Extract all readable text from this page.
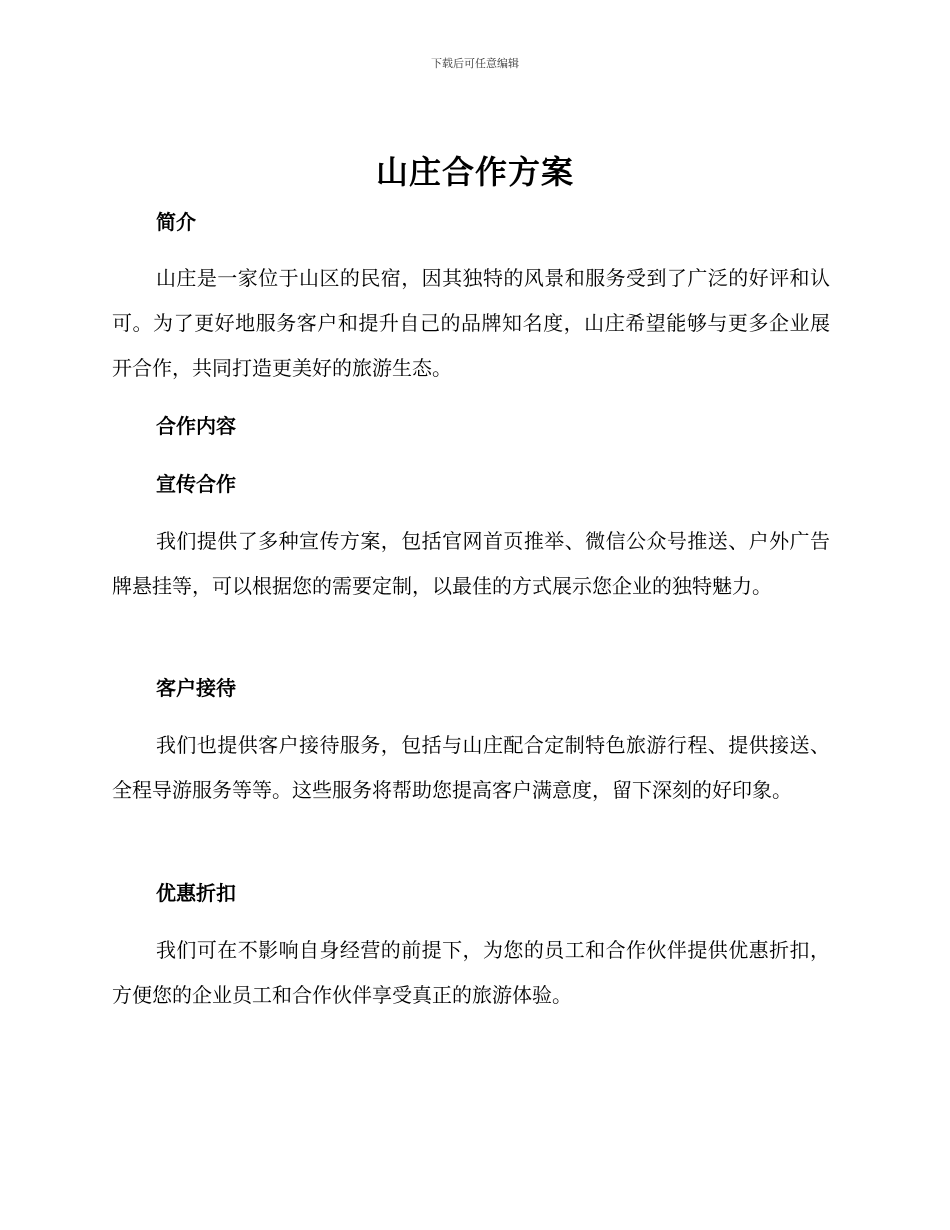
下载后可任意编辑
山庄合作方案
简介

山庄是一家位于山区的民宿，因其独特的风景和服务受到了广泛的好评和认可。为了更好地服务客户和提升自己的品牌知名度，山庄希望能够与更多企业展开合作，共同打造更美好的旅游生态。

合作内容
宣传合作

我们提供了多种宣传方案，包括官网首页推举、微信公众号推送、户外广告牌悬挂等，可以根据您的需要定制，以最佳的方式展示您企业的独特魅力。

客户接待

我们也提供客户接待服务，包括与山庄配合定制特色旅游行程、提供接送、全程导游服务等等。这些服务将帮助您提高客户满意度，留下深刻的好印象。

优惠折扣

我们可在不影响自身经营的前提下，为您的员工和合作伙伴提供优惠折扣，方便您的企业员工和合作伙伴享受真正的旅游体验。
